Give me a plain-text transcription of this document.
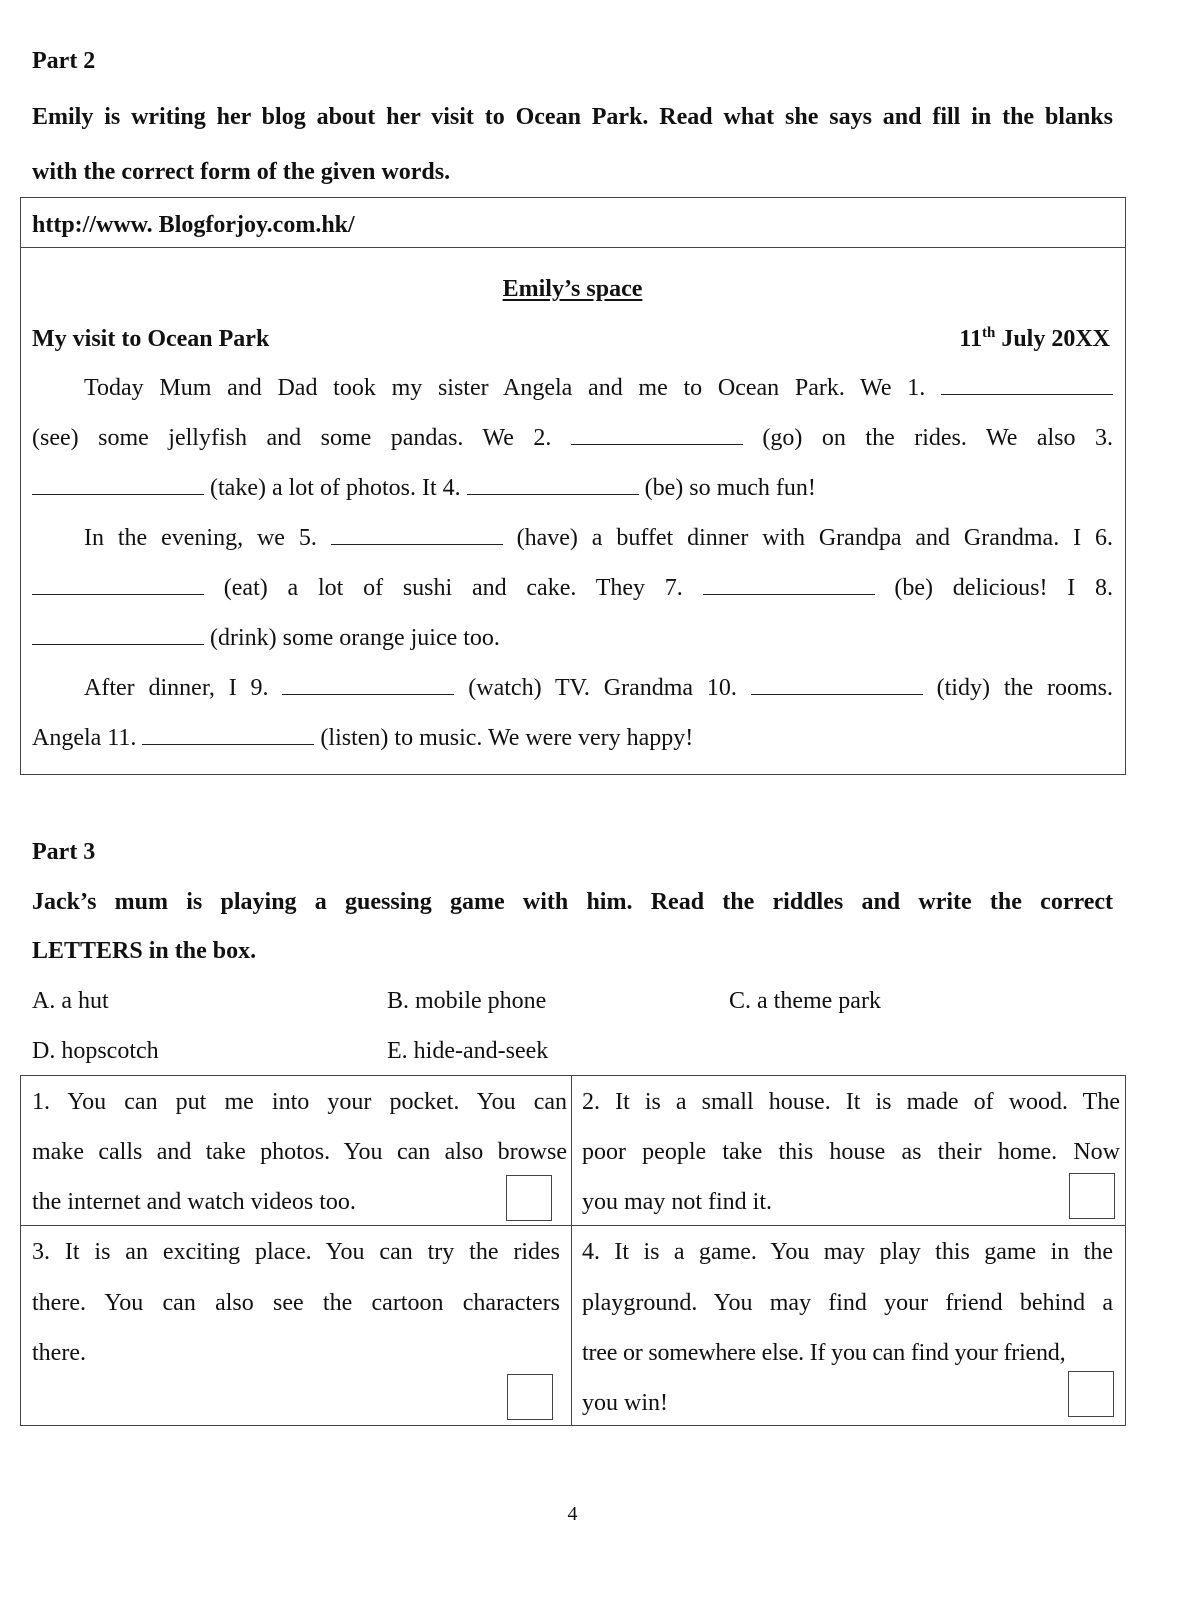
Part 2
Emily is writing her blog about her visit to Ocean Park. Read what she says and fill in the blanks
with the correct form of the given words.
http://www. Blogforjoy.com.hk/
Emily’s space
My visit to Ocean Park	11th July 20XX
Today Mum and Dad took my sister Angela and me to Ocean Park. We 1.
(see) some jellyfish and some pandas. We 2.	(go) on the rides. We also 3.
(take) a lot of photos. It 4.	(be) so much fun!
In the evening, we 5.	(have) a buffet dinner with Grandpa and Grandma. I 6.
(eat) a lot of sushi and cake. They 7.	(be) delicious! I 8.
(drink) some orange juice too.
After dinner, I 9.	(watch) TV. Grandma 10.	(tidy) the rooms.
Angela 11.	(listen) to music. We were very happy!
Part 3
Jack’s mum is playing a guessing game with him. Read the riddles and write the correct
LETTERS in the box.
A. a hut	B. mobile phone	C. a theme park
D. hopscotch	E. hide-and-seek
1. You can put me into your pocket. You can
make calls and take photos. You can also browse
the internet and watch videos too.
2. It is a small house. It is made of wood. The
poor people take this house as their home. Now
you may not find it.
3. It is an exciting place. You can try the rides
there. You can also see the cartoon characters
there.
4. It is a game. You may play this game in the
playground. You may find your friend behind a
tree or somewhere else. If you can find your friend,
you win!
4
